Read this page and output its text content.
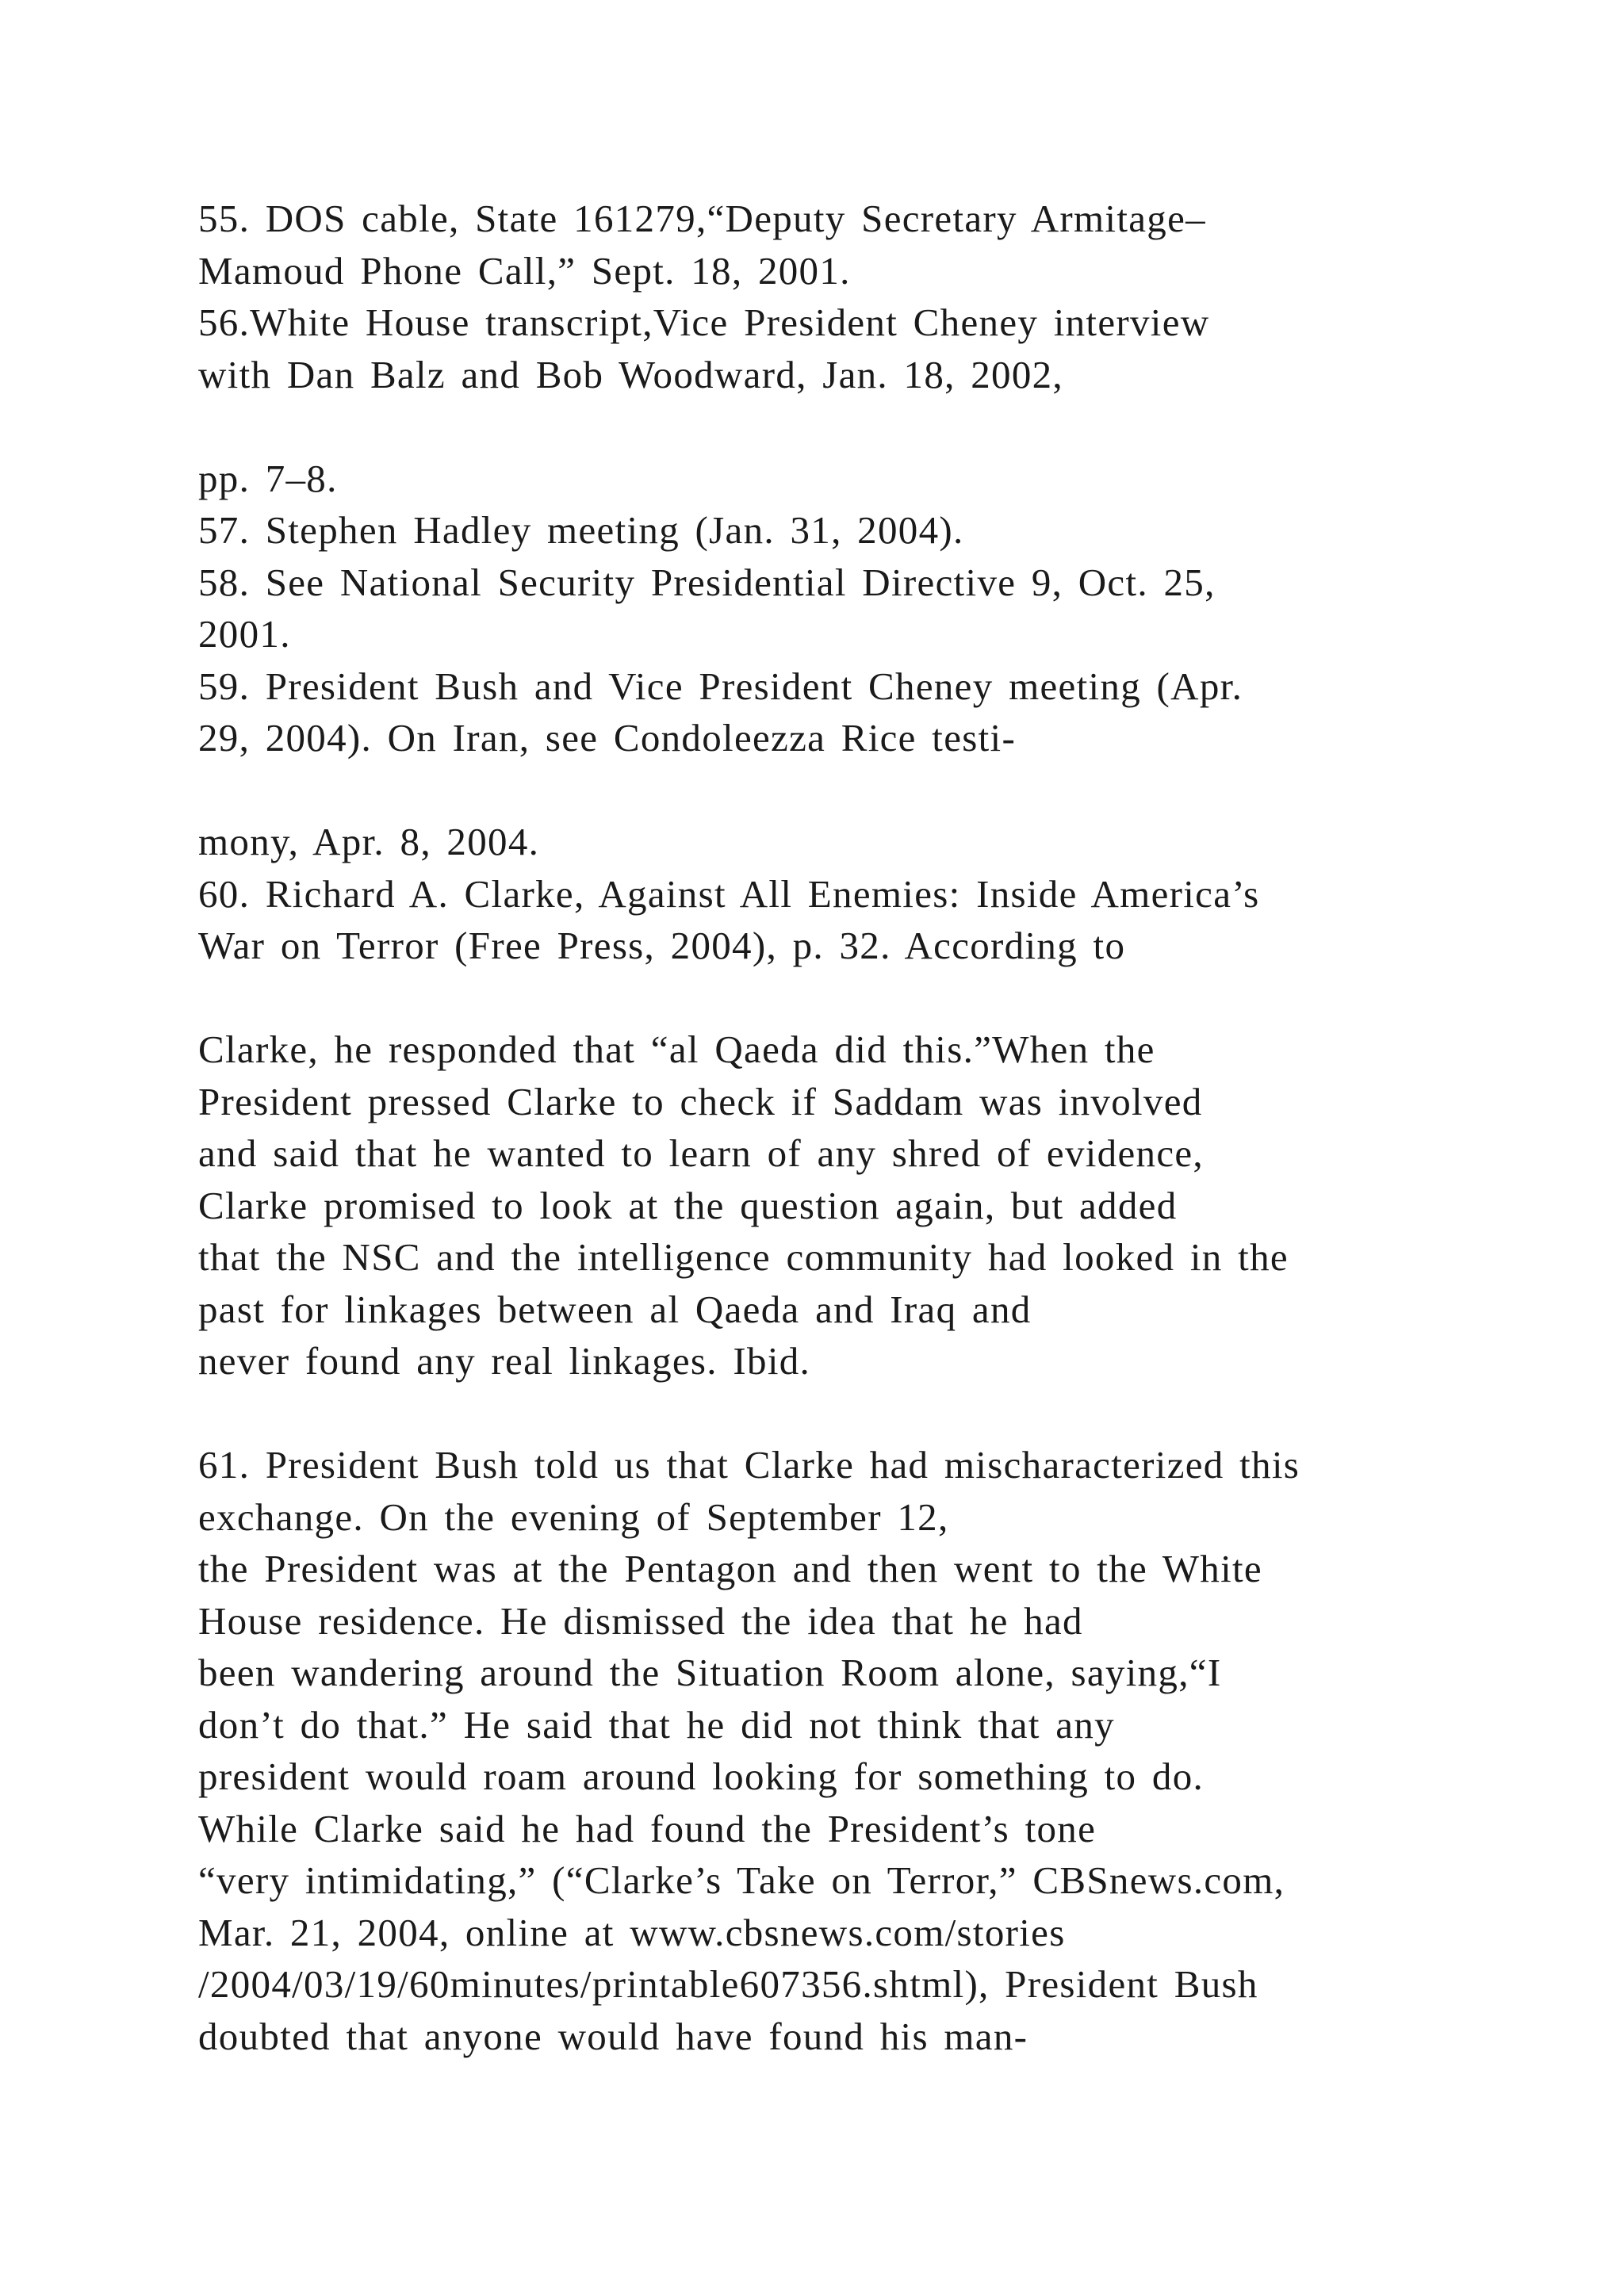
55. DOS cable, State 161279,“Deputy Secretary Armitage–
Mamoud Phone Call,” Sept. 18, 2001.
56.White House transcript,Vice President Cheney interview
with Dan Balz and Bob Woodward, Jan. 18, 2002,
pp. 7–8.
57. Stephen Hadley meeting (Jan. 31, 2004).
58. See National Security Presidential Directive 9, Oct. 25,
2001.
59. President Bush and Vice President Cheney meeting (Apr.
29, 2004). On Iran, see Condoleezza Rice testi-
mony, Apr. 8, 2004.
60. Richard A. Clarke, Against All Enemies: Inside America’s
War on Terror (Free Press, 2004), p. 32. According to
Clarke, he responded that “al Qaeda did this.”When the
President pressed Clarke to check if Saddam was involved
and said that he wanted to learn of any shred of evidence,
Clarke promised to look at the question again, but added
that the NSC and the intelligence community had looked in the
past for linkages between al Qaeda and Iraq and
never found any real linkages. Ibid.
61. President Bush told us that Clarke had mischaracterized this
exchange. On the evening of September 12,
the President was at the Pentagon and then went to the White
House residence. He dismissed the idea that he had
been wandering around the Situation Room alone, saying,“I
don’t do that.” He said that he did not think that any
president would roam around looking for something to do.
While Clarke said he had found the President’s tone
“very intimidating,” (“Clarke’s Take on Terror,” CBSnews.com,
Mar. 21, 2004, online at www.cbsnews.com/stories
/2004/03/19/60minutes/printable607356.shtml), President Bush
doubted that anyone would have found his man-
